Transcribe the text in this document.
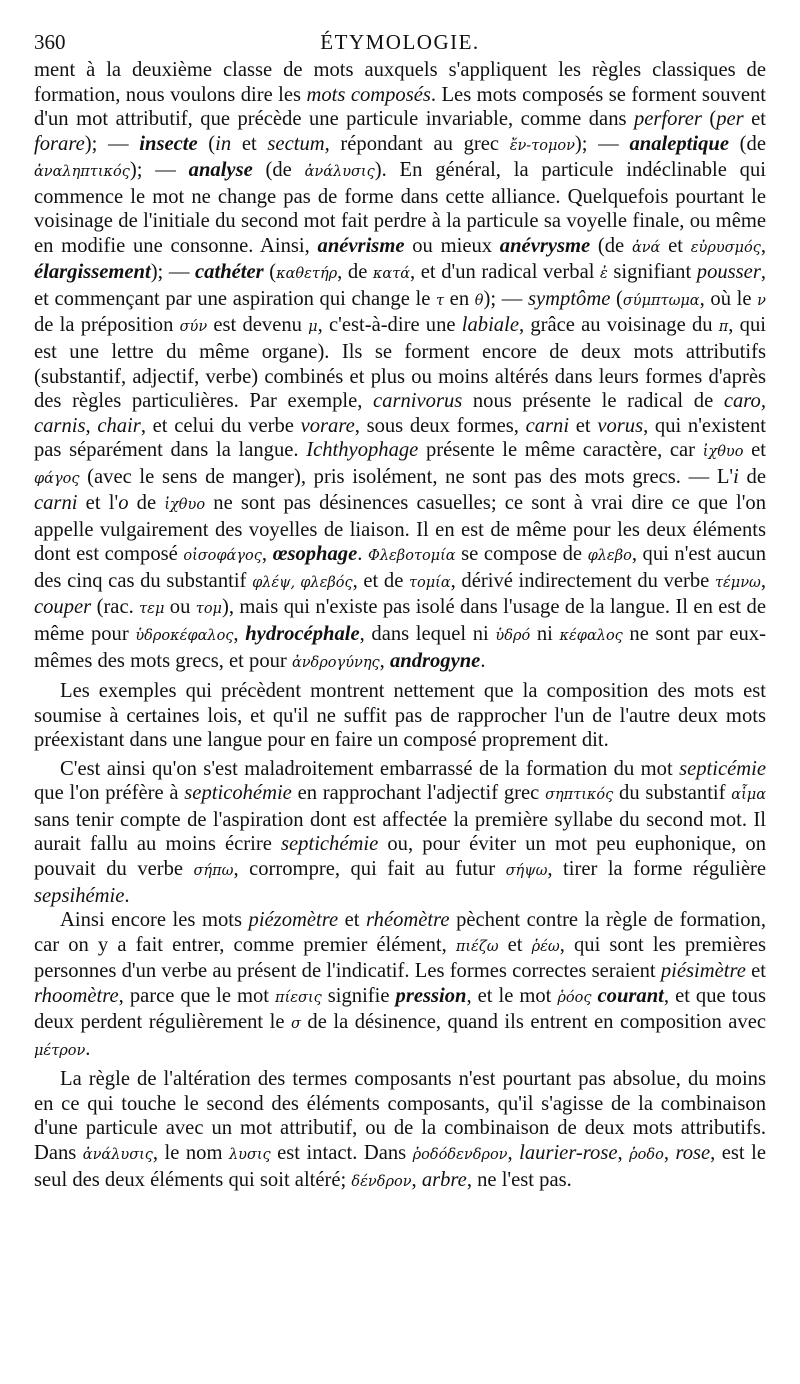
360	ÉTYMOLOGIE.

ment à la deuxième classe de mots auxquels s'appliquent les règles classiques de formation, nous voulons dire les mots composés. Les mots composés se forment souvent d'un mot attributif, que précède une particule invariable, comme dans perforer (per et forare); — insecte (in et sectum, répondant au grec ἔν-τομον); — analeptique (de ἀναληπτικός); — analyse (de ἀνάλυσις). En général, la particule indéclinable qui commence le mot ne change pas de forme dans cette alliance. Quelquefois pourtant le voisinage de l'initiale du second mot fait perdre à la particule sa voyelle finale, ou même en modifie une consonne. Ainsi, anévrisme ou mieux anévrysme (de ἀνά et εὐρυσμός, élargissement); — cathéter (καθετήρ, de κατά, et d'un radical verbal ἑ signifiant pousser, et commençant par une aspiration qui change le τ en θ); — symptôme (σύμπτωμα, où le ν de la préposition σύν est devenu μ, c'est-à-dire une labiale, grâce au voisinage du π, qui est une lettre du même organe). Ils se forment encore de deux mots attributifs (substantif, adjectif, verbe) combinés et plus ou moins altérés dans leurs formes d'après des règles particulières. Par exemple, carnivorus nous présente le radical de caro, carnis, chair, et celui du verbe vorare, sous deux formes, carni et vorus, qui n'existent pas séparément dans la langue. Ichthyophage présente le même caractère, car ἰχθυο et φάγος (avec le sens de manger), pris isolément, ne sont pas des mots grecs. — L'i de carni et l'o de ἰχθυο ne sont pas désinences casuelles; ce sont à vrai dire ce que l'on appelle vulgairement des voyelles de liaison. Il en est de même pour les deux éléments dont est composé οἰσοφάγος, œsophage. Φλεβοτομία se compose de φλεβο, qui n'est aucun des cinq cas du substantif φλέψ, φλεβός, et de τομία, dérivé indirectement du verbe τέμνω, couper (rac. τεμ ou τομ), mais qui n'existe pas isolé dans l'usage de la langue. Il en est de même pour ὑδροκέφαλος, hydrocéphale, dans lequel ni ὑδρό ni κέφαλος ne sont par eux-mêmes des mots grecs, et pour ἀνδρογύνης, androgyne.

Les exemples qui précèdent montrent nettement que la composition des mots est soumise à certaines lois, et qu'il ne suffit pas de rapprocher l'un de l'autre deux mots préexistant dans une langue pour en faire un composé proprement dit.

C'est ainsi qu'on s'est maladroitement embarrassé de la formation du mot septicémie que l'on préfère à septicohémie en rapprochant l'adjectif grec σηπτικός du substantif αἷμα sans tenir compte de l'aspiration dont est affectée la première syllabe du second mot. Il aurait fallu au moins écrire septichémie ou, pour éviter un mot peu euphonique, on pouvait du verbe σήπω, corrompre, qui fait au futur σήψω, tirer la forme régulière sepsihémie.

Ainsi encore les mots piézomètre et rhéomètre pèchent contre la règle de formation, car on y a fait entrer, comme premier élément, πιέζω et ῥέω, qui sont les premières personnes d'un verbe au présent de l'indicatif. Les formes correctes seraient piésimètre et rhoomètre, parce que le mot πίεσις signifie pression, et le mot ῥόος courant, et que tous deux perdent régulièrement le σ de la désinence, quand ils entrent en composition avec μέτρον.

La règle de l'altération des termes composants n'est pourtant pas absolue, du moins en ce qui touche le second des éléments composants, qu'il s'agisse de la combinaison d'une particule avec un mot attributif, ou de la combinaison de deux mots attributifs. Dans ἀνάλυσις, le nom λυσις est intact. Dans ῥοδόδενδρον, laurier-rose, ῥοδο, rose, est le seul des deux éléments qui soit altéré; δένδρον, arbre, ne l'est pas.
